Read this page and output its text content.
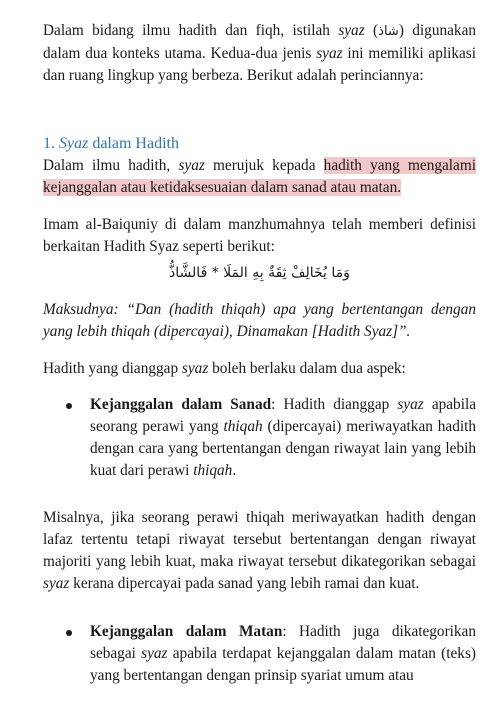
Dalam bidang ilmu hadith dan fiqh, istilah syaz (شاذ) digunakan dalam dua konteks utama. Kedua-dua jenis syaz ini memiliki aplikasi dan ruang lingkup yang berbeza. Berikut adalah perinciannya:

1. Syaz dalam Hadith

Dalam ilmu hadith, syaz merujuk kepada hadith yang mengalami kejanggalan atau ketidaksesuaian dalam sanad atau matan.

Imam al-Baiquniy di dalam manzhumahnya telah memberi definisi berkaitan Hadith Syaz seperti berikut:

وَمَا يُخَالِفْ ثِقَةٌ بِهِ المَلَا * فَالشَّاذُّ

Maksudnya: “Dan (hadith thiqah) apa yang bertentangan dengan yang lebih thiqah (dipercayai), Dinamakan [Hadith Syaz]”.

Hadith yang dianggap syaz boleh berlaku dalam dua aspek:

Kejanggalan dalam Sanad: Hadith dianggap syaz apabila seorang perawi yang thiqah (dipercayai) meriwayatkan hadith dengan cara yang bertentangan dengan riwayat lain yang lebih kuat dari perawi thiqah.

Misalnya, jika seorang perawi thiqah meriwayatkan hadith dengan lafaz tertentu tetapi riwayat tersebut bertentangan dengan riwayat majoriti yang lebih kuat, maka riwayat tersebut dikategorikan sebagai syaz kerana dipercayai pada sanad yang lebih ramai dan kuat.

Kejanggalan dalam Matan: Hadith juga dikategorikan sebagai syaz apabila terdapat kejanggalan dalam matan (teks) yang bertentangan dengan prinsip syariat umum atau
